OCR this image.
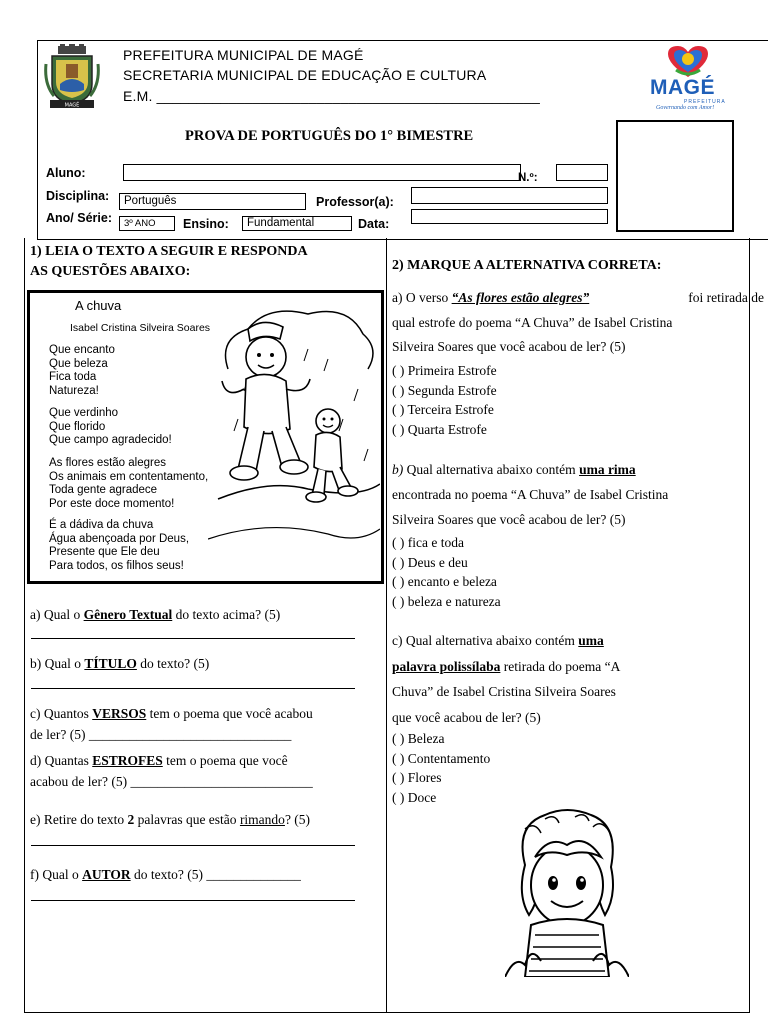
MAGÉ
PREFEITURA MUNICIPAL DE MAGÉ
SECRETARIA MUNICIPAL DE EDUCAÇÃO E CULTURA
E.M. ________________________________________________	MAGÉ
PREFEITURA
Governando com Amor!
PROVA DE PORTUGUÊS DO 1° BIMESTRE
Aluno:	N.º:
Disciplina:	Português	Professor(a):
Ano/ Série:	3º ANO	Ensino:	Fundamental	Data:
1) LEIA O TEXTO A SEGUIR E RESPONDA
AS QUESTÕES ABAIXO:
A chuva
Isabel Cristina Silveira Soares
Que encanto
Que beleza
Fica toda
Natureza!
Que verdinho
Que florido
Que campo agradecido!
As flores estão alegres
Os animais em contentamento,
Toda gente agradece
Por este doce momento!
É a dádiva da chuva
Água abençoada por Deus,
Presente que Ele deu
Para todos, os filhos seus!
a) Qual o Gênero Textual do texto acima? (5)
b) Qual o TÍTULO do texto? (5)
c) Quantos VERSOS tem o poema que você acabou
de ler? (5) ______________________________
d) Quantas ESTROFES tem o poema que você
acabou de ler? (5) ___________________________
e) Retire do texto 2 palavras que estão rimando? (5)
f) Qual o AUTOR do texto? (5) ______________
2) MARQUE A ALTERNATIVA CORRETA:
a) O verso “As flores estão alegres”	foi retirada de
qual estrofe do poema “A Chuva” de Isabel Cristina
Silveira Soares que você acabou de ler? (5)
( ) Primeira Estrofe
( ) Segunda Estrofe
( ) Terceira Estrofe
( ) Quarta Estrofe
b) Qual alternativa abaixo contém uma rima
encontrada no poema “A Chuva” de Isabel Cristina
Silveira Soares que você acabou de ler? (5)
( ) fica e toda
( ) Deus e deu
( ) encanto e beleza
( ) beleza e natureza
c) Qual alternativa abaixo contém uma
palavra polissílaba retirada do poema “A
Chuva” de Isabel Cristina Silveira Soares
que você acabou de ler? (5)
( ) Beleza
( ) Contentamento
( ) Flores
( ) Doce
